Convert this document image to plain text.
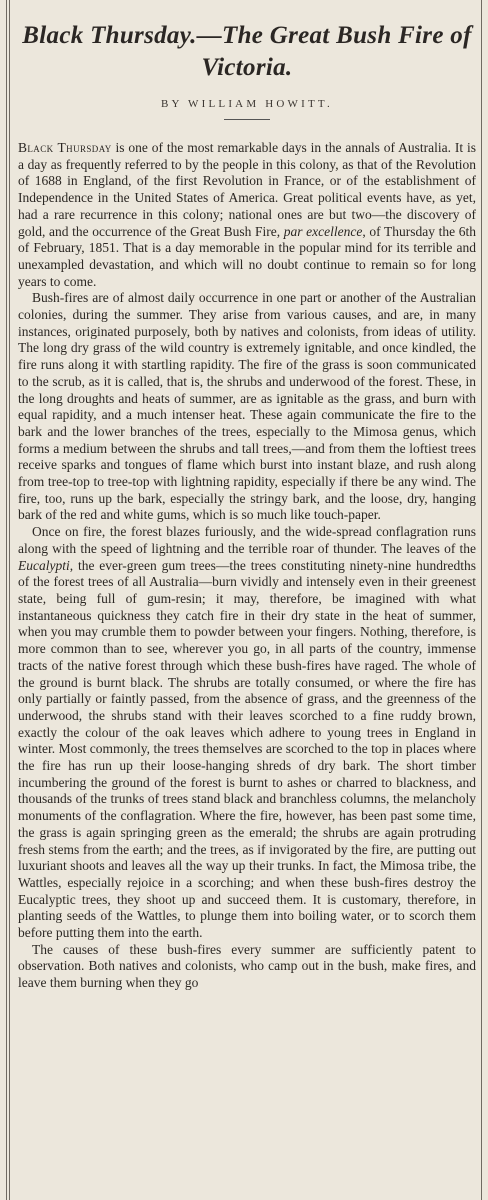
Black Thursday.—The Great Bush Fire of Victoria.
BY WILLIAM HOWITT.

Black Thursday is one of the most remarkable days in the annals of Australia. It is a day as frequently referred to by the people in this colony, as that of the Revolution of 1688 in England, of the first Revolution in France, or of the establishment of Independence in the United States of America. Great political events have, as yet, had a rare recurrence in this colony; national ones are but two—the discovery of gold, and the occurrence of the Great Bush Fire, par excellence, of Thursday the 6th of February, 1851. That is a day memorable in the popular mind for its terrible and unexampled devastation, and which will no doubt continue to remain so for long years to come.

Bush-fires are of almost daily occurrence in one part or another of the Australian colonies, during the summer. They arise from various causes, and are, in many instances, originated purposely, both by natives and colonists, from ideas of utility. The long dry grass of the wild country is extremely ignitable, and once kindled, the fire runs along it with startling rapidity. The fire of the grass is soon communicated to the scrub, as it is called, that is, the shrubs and underwood of the forest. These, in the long droughts and heats of summer, are as ignitable as the grass, and burn with equal rapidity, and a much intenser heat. These again communicate the fire to the bark and the lower branches of the trees, especially to the Mimosa genus, which forms a medium between the shrubs and tall trees,—and from them the loftiest trees receive sparks and tongues of flame which burst into instant blaze, and rush along from tree-top to tree-top with lightning rapidity, especially if there be any wind. The fire, too, runs up the bark, especially the stringy bark, and the loose, dry, hanging bark of the red and white gums, which is so much like touch-paper.

Once on fire, the forest blazes furiously, and the wide-spread conflagration runs along with the speed of lightning and the terrible roar of thunder. The leaves of the Eucalypti, the ever-green gum trees—the trees constituting ninety-nine hundredths of the forest trees of all Australia—burn vividly and intensely even in their greenest state, being full of gum-resin; it may, therefore, be imagined with what instantaneous quickness they catch fire in their dry state in the heat of summer, when you may crumble them to powder between your fingers. Nothing, therefore, is more common than to see, wherever you go, in all parts of the country, immense tracts of the native forest through which these bush-fires have raged. The whole of the ground is burnt black. The shrubs are totally consumed, or where the fire has only partially or faintly passed, from the absence of grass, and the greenness of the underwood, the shrubs stand with their leaves scorched to a fine ruddy brown, exactly the colour of the oak leaves which adhere to young trees in England in winter. Most commonly, the trees themselves are scorched to the top in places where the fire has run up their loose-hanging shreds of dry bark. The short timber incumbering the ground of the forest is burnt to ashes or charred to blackness, and thousands of the trunks of trees stand black and branchless columns, the melancholy monuments of the conflagration. Where the fire, however, has been past some time, the grass is again springing green as the emerald; the shrubs are again protruding fresh stems from the earth; and the trees, as if invigorated by the fire, are putting out luxuriant shoots and leaves all the way up their trunks. In fact, the Mimosa tribe, the Wattles, especially rejoice in a scorching; and when these bush-fires destroy the Eucalyptic trees, they shoot up and succeed them. It is customary, therefore, in planting seeds of the Wattles, to plunge them into boiling water, or to scorch them before putting them into the earth.

The causes of these bush-fires every summer are sufficiently patent to observation. Both natives and colonists, who camp out in the bush, make fires, and leave them burning when they go
